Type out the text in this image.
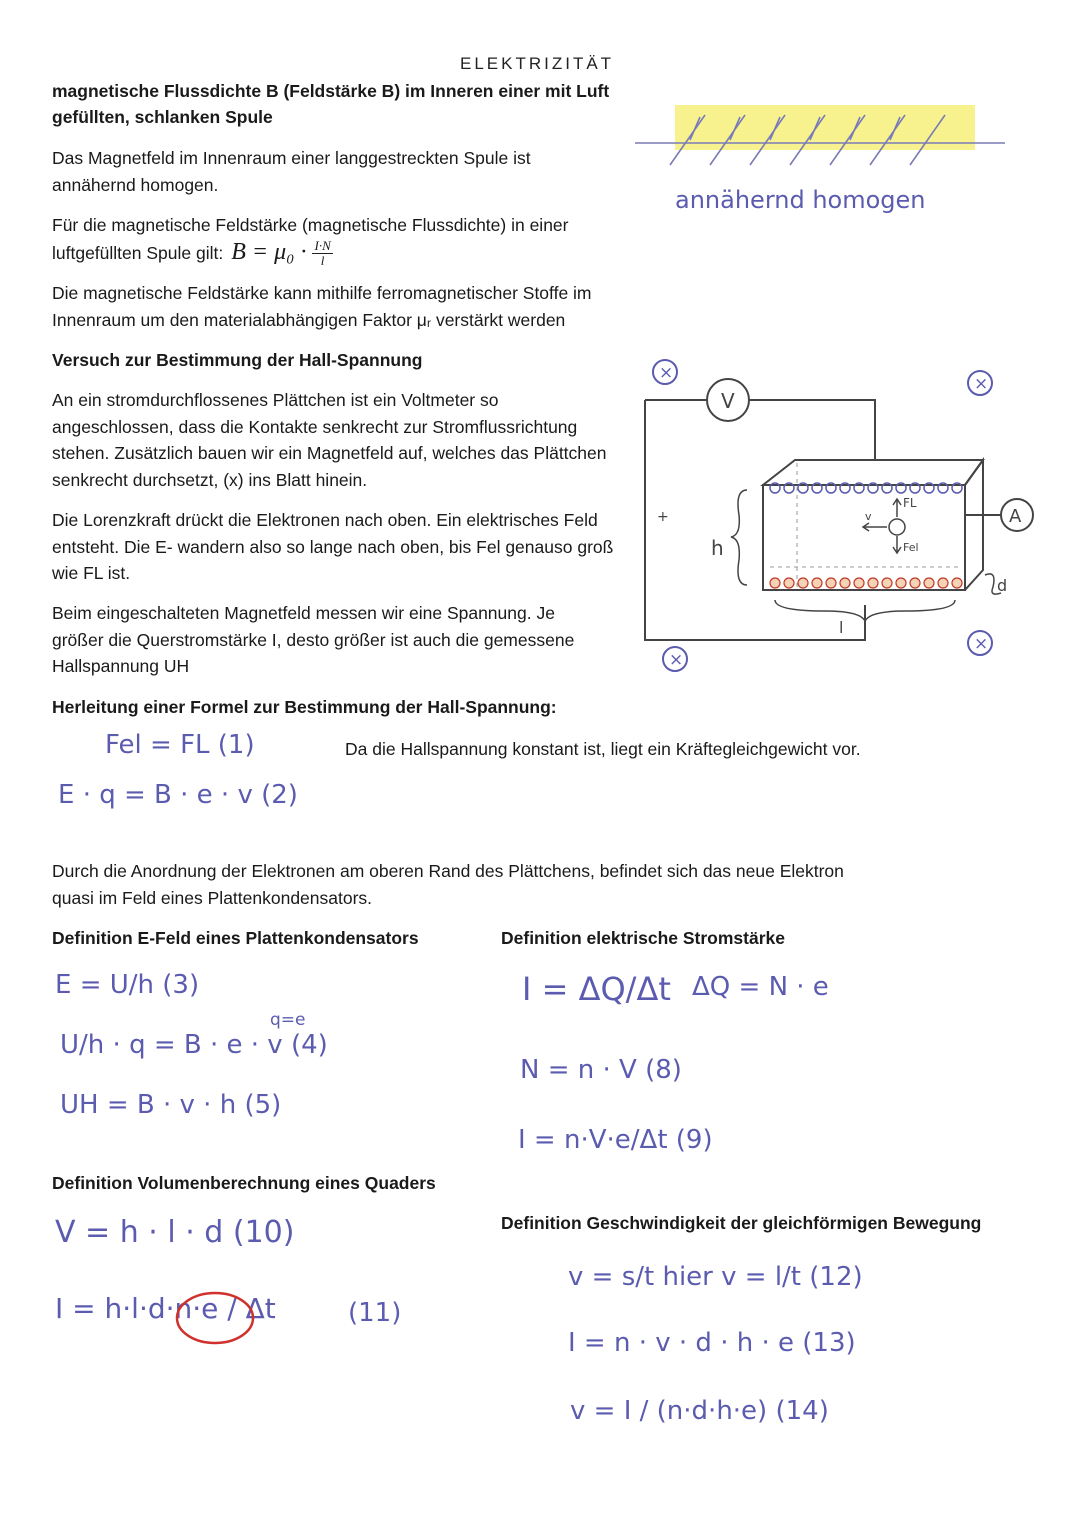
ELEKTRIZITÄT
magnetische Flussdichte B (Feldstärke B) im Inneren einer mit Luft
gefüllten, schlanken Spule
Das Magnetfeld im Innenraum einer langgestreckten Spule ist
annähernd homogen.
Für die magnetische Feldstärke (magnetische Flussdichte) in einer
luftgefüllten Spule gilt: $B = \mu_0 \cdot \frac{I\cdot N}{l}$
Die magnetische Feldstärke kann mithilfe ferromagnetischer Stoffe im
Innenraum um den materialabhängigen Faktor μᵣ verstärkt werden
annähernd homogen
Versuch zur Bestimmung der Hall-Spannung
An ein stromdurchflossenes Plättchen ist ein Voltmeter so
angeschlossen, dass die Kontakte senkrecht zur Stromflussrichtung
stehen. Zusätzlich bauen wir ein Magnetfeld auf, welches das Plättchen
senkrecht durchsetzt, (x) ins Blatt hinein.
Die Lorenzkraft drückt die Elektronen nach oben. Ein elektrisches Feld
entsteht. Die E- wandern also so lange nach oben, bis Fel genauso groß
wie FL ist.
Beim eingeschalteten Magnetfeld messen wir eine Spannung. Je
größer die Querstromstärke I, desto größer ist auch die gemessene
Hallspannung UH
V
A
FL
Fel
v
h
l
d
+
×
×
×
×
Herleitung einer Formel zur Bestimmung der Hall-Spannung:
Fel = FL (1)	Da die Hallspannung konstant ist, liegt ein Kräftegleichgewicht vor.
E · q = B · e · v (2)
Durch die Anordnung der Elektronen am oberen Rand des Plättchens, befindet sich das neue Elektron
quasi im Feld eines Plattenkondensators.
Definition E-Feld eines Plattenkondensators	Definition elektrische Stromstärke
E = U/h (3)
q=e
U/h · q = B · e · v (4)
UH = B · v · h (5)
I = ΔQ/Δt ΔQ = N · e
N = n · V (8)
I = n·V·e/Δt (9)
Definition Volumenberechnung eines Quaders
Definition Geschwindigkeit der gleichförmigen Bewegung
V = h · l · d (10)
I = h·l·d·n·e / Δt	(11)
v = s/t hier v = l/t (12)
I = n · v · d · h · e (13)
v = I / (n·d·h·e) (14)
